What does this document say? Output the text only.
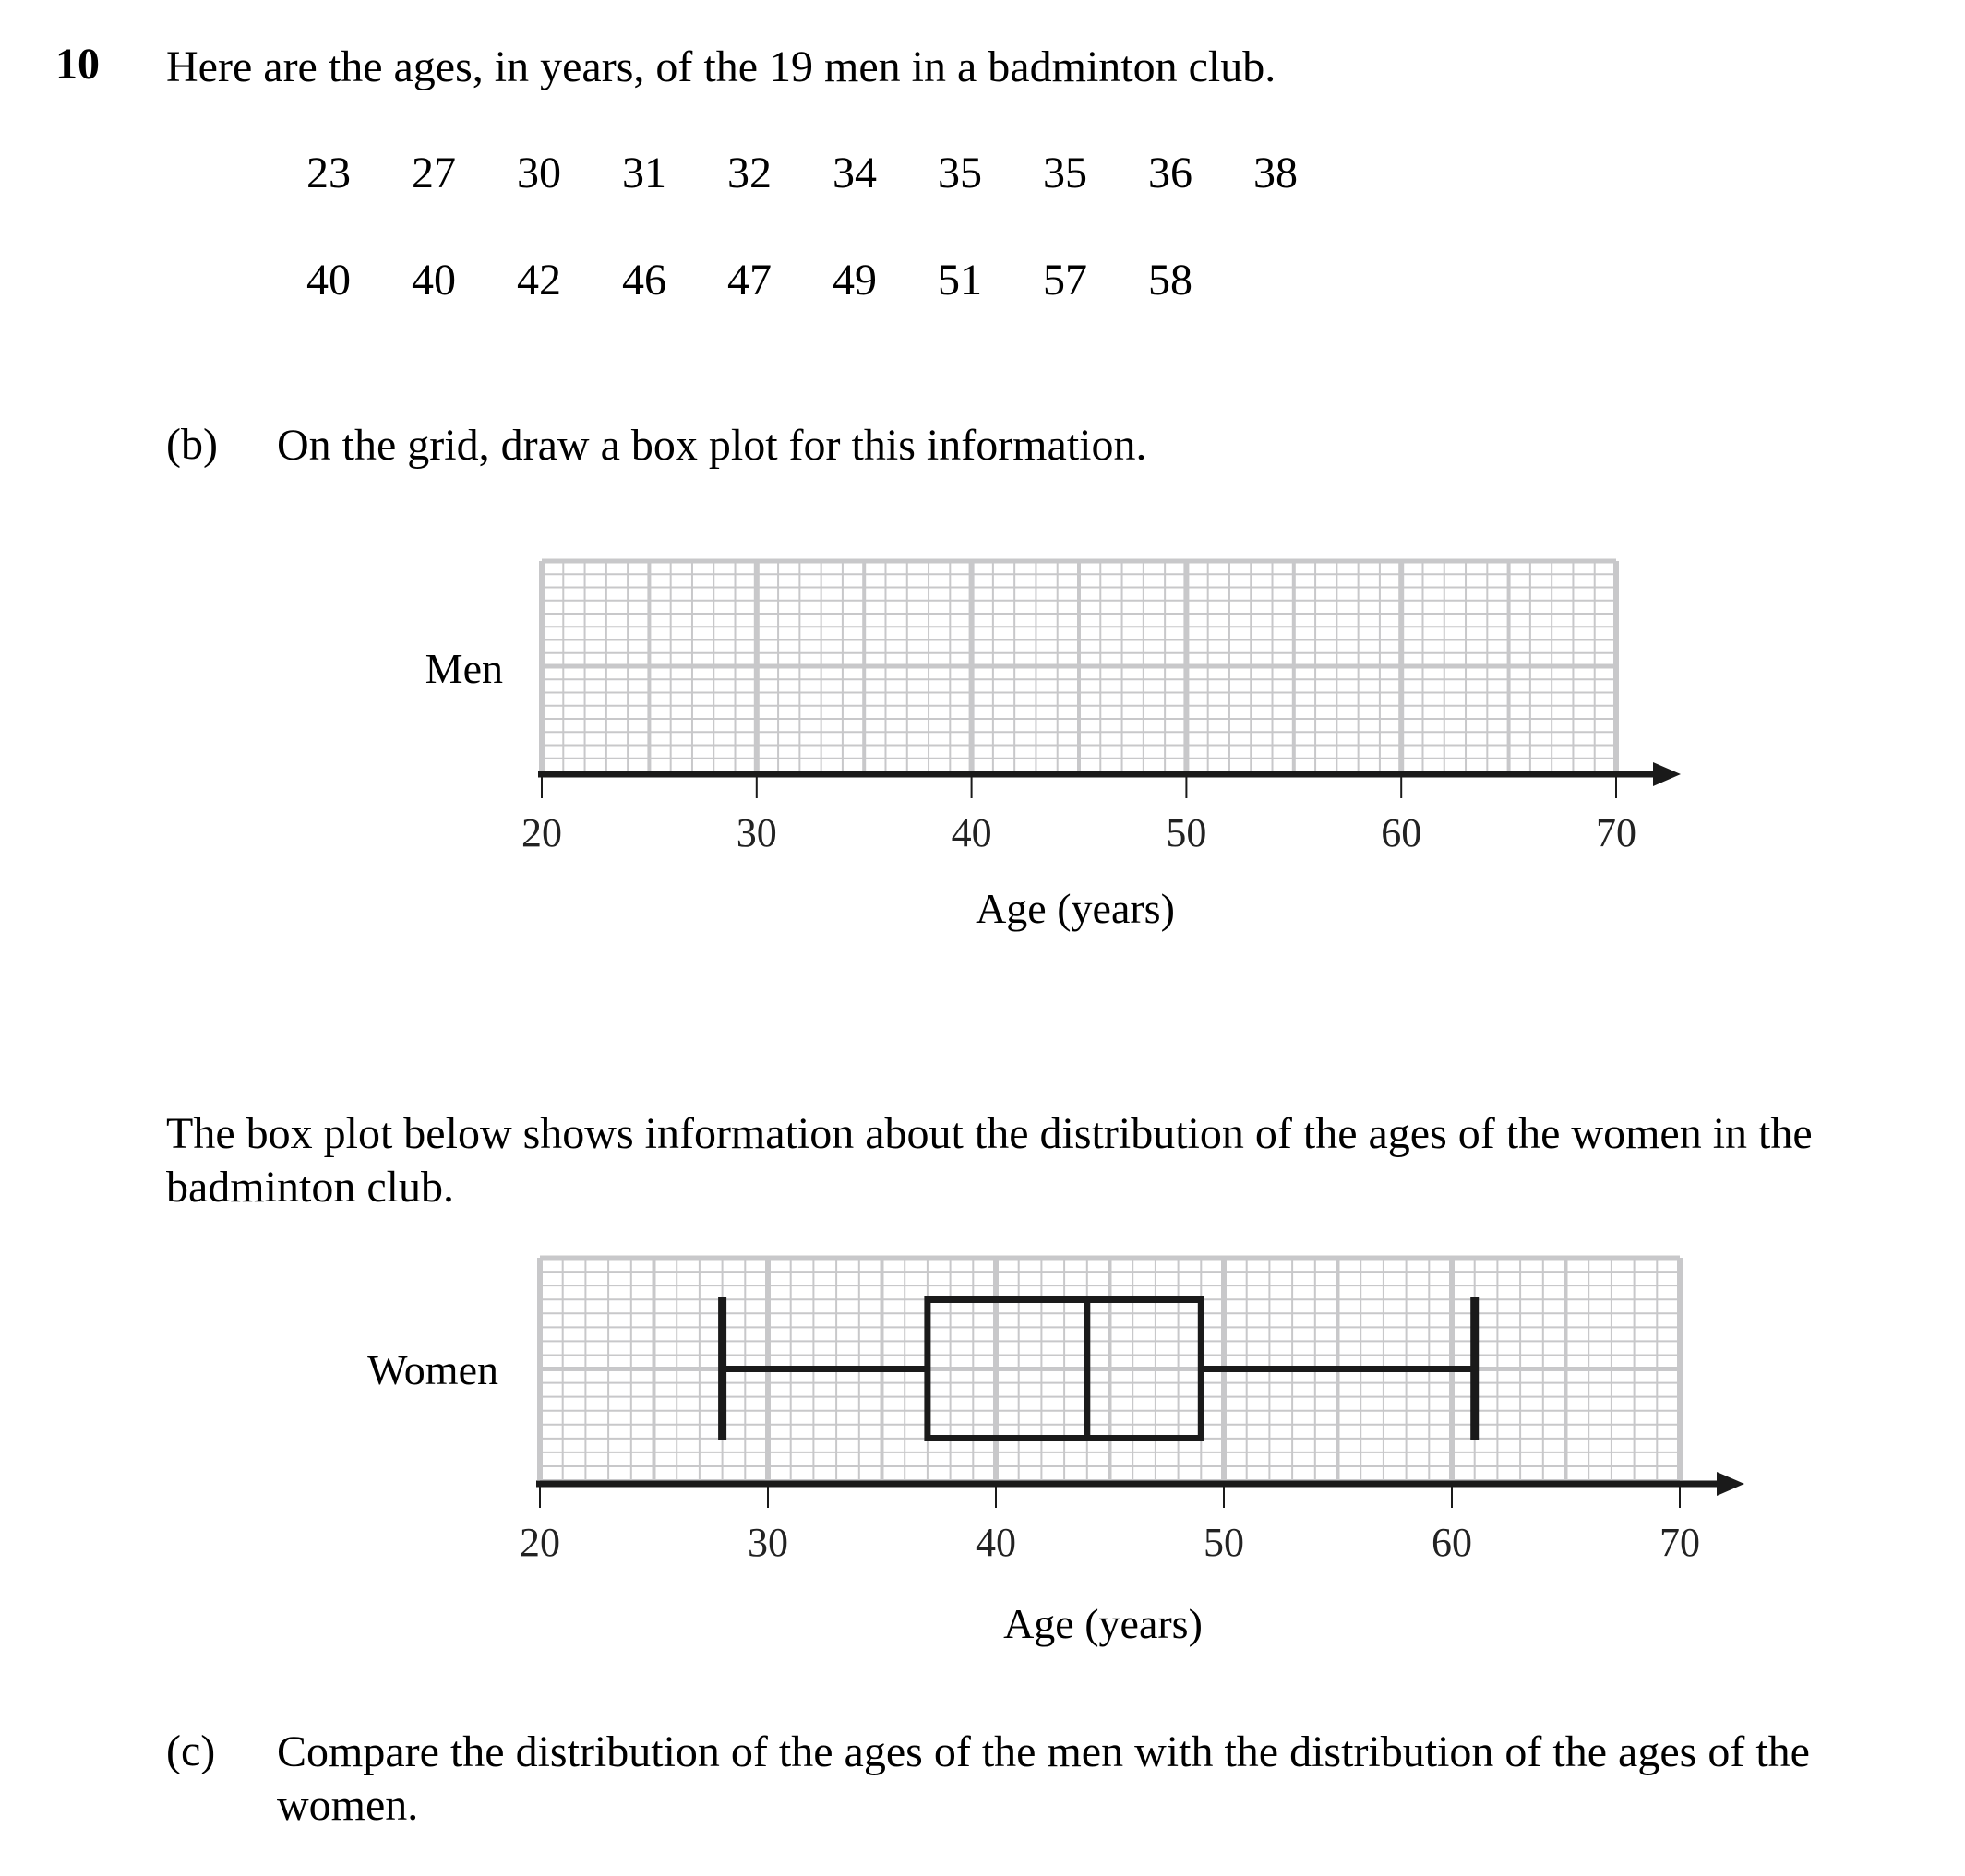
10 Here are the ages, in years, of the 19 men in a badminton club.
23	27	30	31	32	34	35	35	36	38
40	40	42	46	47	49	51	57	58
(b) On the grid, draw a box plot for this information.
Men
Age (years)
20	30	40	50	60	70
The box plot below shows information about the distribution of the ages of the women in the badminton club.
Women
Age (years)
20	30	40	50	60	70
(c) Compare the distribution of the ages of the men with the distribution of the ages of the women.
